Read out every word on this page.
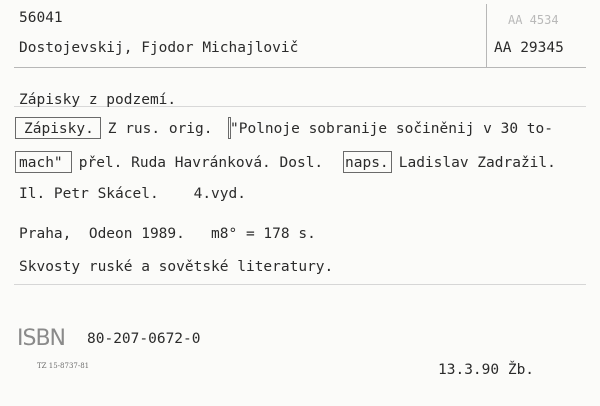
56041	AA 4534
Dostojevskij, Fjodor Michajlovič	AA 29345
Zápisky z podzemí.
Zápisky. Z rus. orig. "Polnoje sobranije sočiněnij v 30 to-
mach" přel. Ruda Havránková. Dosl. naps. Ladislav Zadražil.
Il. Petr Skácel.    4.vyd.
Praha,  Odeon 1989.   m8° = 178 s.
Skvosty ruské a sovětské literatury.
ISBN 80-207-0672-0
TZ 15-8737-81	13.3.90 Žb.
